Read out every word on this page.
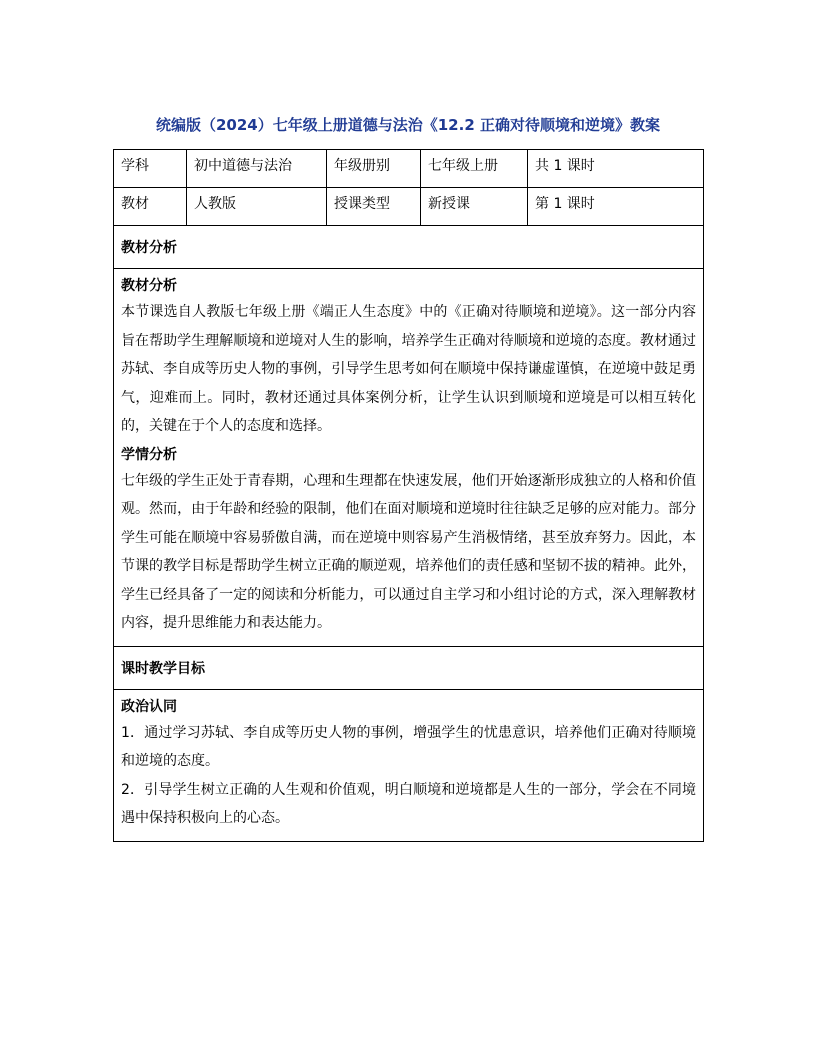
统编版（2024）七年级上册道德与法治《12.2 正确对待顺境和逆境》教案
学科	初中道德与法治	年级册别	七年级上册	共 1 课时
教材	人教版	授课类型	新授课	第 1 课时
教材分析				

教材分析
本节课选自人教版七年级上册《端正人生态度》中的《正确对待顺境和逆境》。这一部分内容旨在帮助学生理解顺境和逆境对人生的影响，培养学生正确对待顺境和逆境的态度。教材通过苏轼、李自成等历史人物的事例，引导学生思考如何在顺境中保持谦虚谨慎，在逆境中鼓足勇气，迎难而上。同时，教材还通过具体案例分析，让学生认识到顺境和逆境是可以相互转化的，关键在于个人的态度和选择。
学情分析
七年级的学生正处于青春期，心理和生理都在快速发展，他们开始逐渐形成独立的人格和价值观。然而，由于年龄和经验的限制，他们在面对顺境和逆境时往往缺乏足够的应对能力。部分学生可能在顺境中容易骄傲自满，而在逆境中则容易产生消极情绪，甚至放弃努力。因此，本节课的教学目标是帮助学生树立正确的顺逆观，培养他们的责任感和坚韧不拔的精神。此外，学生已经具备了一定的阅读和分析能力，可以通过自主学习和小组讨论的方式，深入理解教材内容，提升思维能力和表达能力。				

课时教学目标				

政治认同
1．通过学习苏轼、李自成等历史人物的事例，增强学生的忧患意识，培养他们正确对待顺境和逆境的态度。
2．引导学生树立正确的人生观和价值观，明白顺境和逆境都是人生的一部分，学会在不同境遇中保持积极向上的心态。				
